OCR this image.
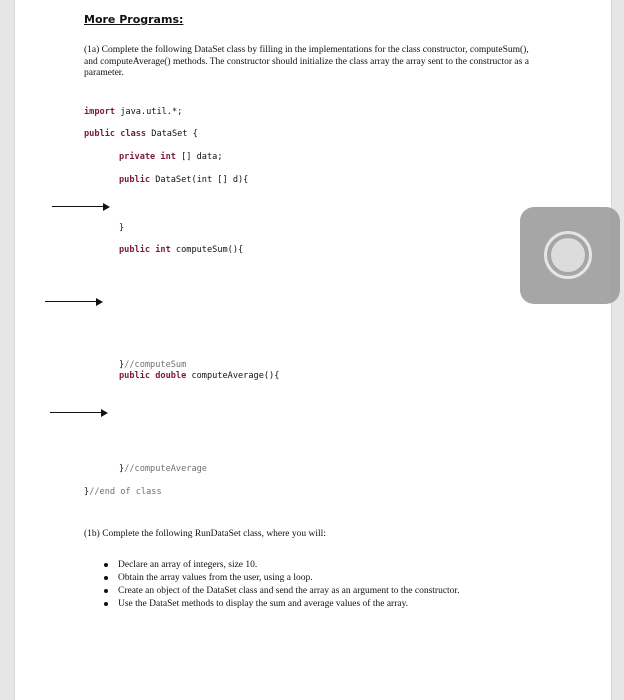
More Programs:
(1a) Complete the following DataSet class by filling in the implementations for the class constructor, computeSum(), and computeAverage() methods. The constructor should initialize the class array the array sent to the constructor as a parameter.
import java.util.*;
public class DataSet {
private int [] data;
public DataSet(int [] d){
}
public int computeSum(){
}//computeSum
public double computeAverage(){
}//computeAverage
}//end of class
(1b) Complete the following RunDataSet class, where you will:
Declare an array of integers, size 10.
Obtain the array values from the user, using a loop.
Create an object of the DataSet class and send the array as an argument to the constructor.
Use the DataSet methods to display the sum and average values of the array.
